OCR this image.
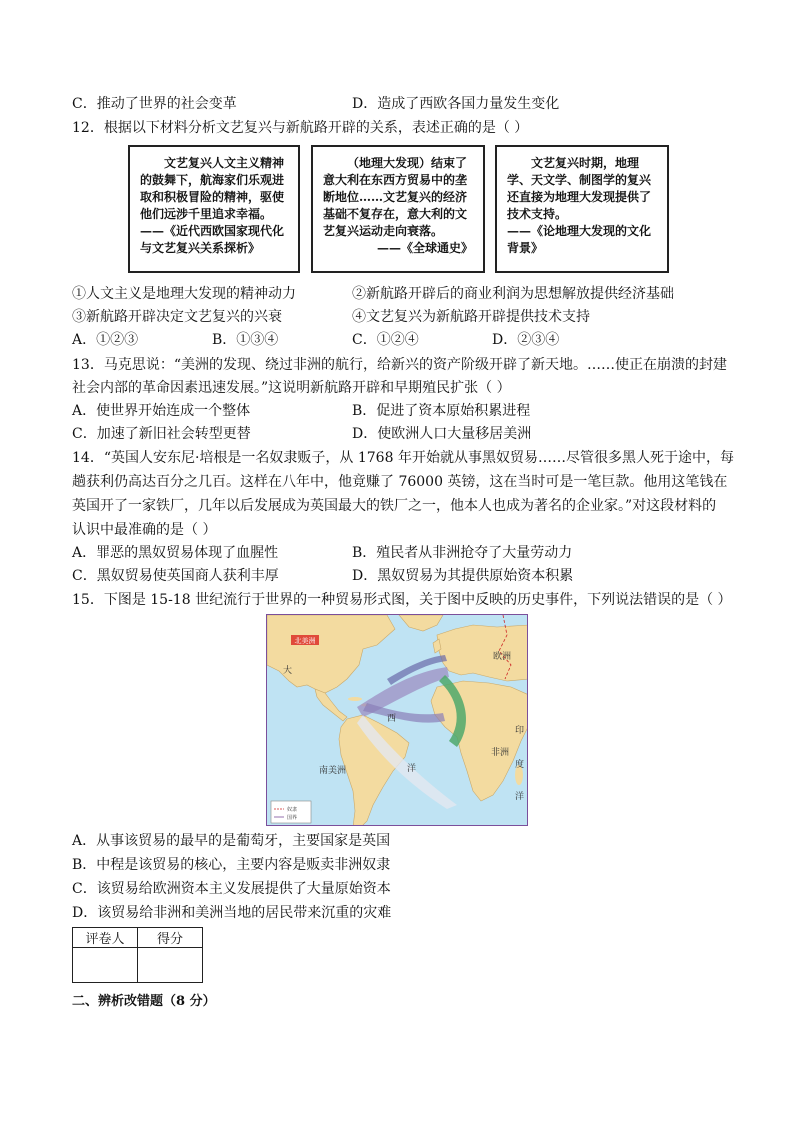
C．推动了世界的社会变革	D．造成了西欧各国力量发生变化
12．根据以下材料分析文艺复兴与新航路开辟的关系，表述正确的是（ ）
文艺复兴人文主义精神的鼓舞下，航海家们乐观进取和积极冒险的精神，驱使他们远涉千里追求幸福。
——《近代西欧国家现代化与文艺复兴关系探析》
（地理大发现）结束了意大利在东西方贸易中的垄断地位……文艺复兴的经济基础不复存在，意大利的文艺复兴运动走向衰落。
——《全球通史》
文艺复兴时期，地理学、天文学、制图学的复兴还直接为地理大发现提供了技术支持。
——《论地理大发现的文化背景》
①人文主义是地理大发现的精神动力	②新航路开辟后的商业利润为思想解放提供经济基础
③新航路开辟决定文艺复兴的兴衰	④文艺复兴为新航路开辟提供技术支持
A．①②③	B．①③④	C．①②④	D．②③④
13．马克思说：“美洲的发现、绕过非洲的航行，给新兴的资产阶级开辟了新天地。……使正在崩溃的封建
社会内部的革命因素迅速发展。”这说明新航路开辟和早期殖民扩张（ ）
A．使世界开始连成一个整体	B．促进了资本原始积累进程
C．加速了新旧社会转型更替	D．使欧洲人口大量移居美洲
14．“英国人安东尼·培根是一名奴隶贩子，从 1768 年开始就从事黑奴贸易……尽管很多黑人死于途中，每
趟获利仍高达百分之几百。这样在八年中，他竟赚了 76000 英镑，这在当时可是一笔巨款。他用这笔钱在
英国开了一家铁厂，几年以后发展成为英国最大的铁厂之一，他本人也成为著名的企业家。”对这段材料的
认识中最准确的是（ ）
A．罪恶的黑奴贸易体现了血腥性	B．殖民者从非洲抢夺了大量劳动力
C．黑奴贸易使英国商人获利丰厚	D．黑奴贸易为其提供原始资本积累
15．下图是 15-18 世纪流行于世界的一种贸易形式图，关于图中反映的历史事件，下列说法错误的是（ ）
北美洲
南美洲
欧洲
非洲
大
西
洋
印
度
洋
奴隶
国界
A．从事该贸易的最早的是葡萄牙，主要国家是英国
B．中程是该贸易的核心，主要内容是贩卖非洲奴隶
C．该贸易给欧洲资本主义发展提供了大量原始资本
D．该贸易给非洲和美洲当地的居民带来沉重的灾难
评卷人	得分

二、辨析改错题（8 分）
